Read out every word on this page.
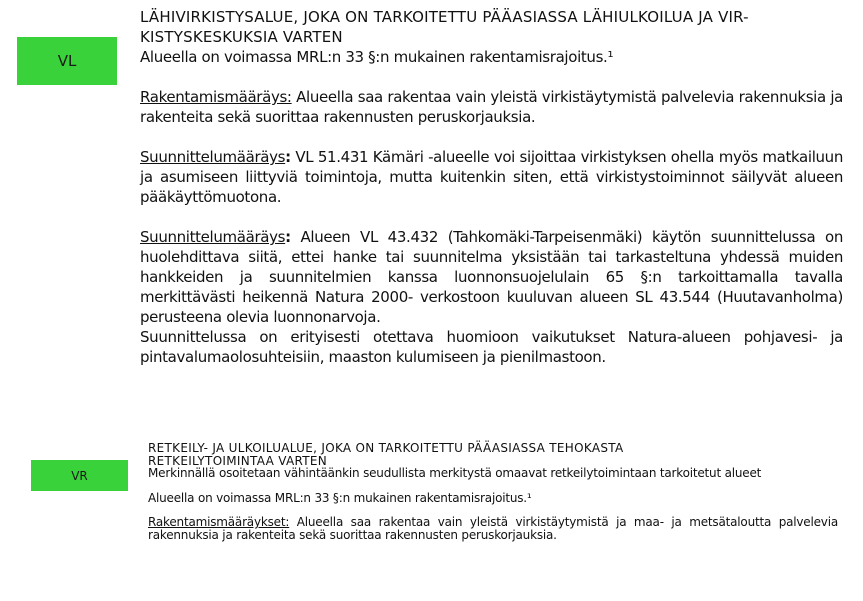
VL

LÄHIVIRKISTYSALUE, JOKA ON TARKOITETTU PÄÄASIASSA LÄHIULKOILUA JA VIR-
KISTYSKESKUKSIA VARTEN

Alueella on voimassa MRL:n 33 §:n mukainen rakentamisrajoitus.¹

Rakentamismääräys: Alueella saa rakentaa vain yleistä virkistäytymistä palvelevia rakennuksia ja rakenteita sekä suorittaa rakennusten peruskorjauksia.

Suunnittelumääräys: VL 51.431 Kämäri -alueelle voi sijoittaa virkistyksen ohella myös matkailuun ja asumiseen liittyviä toimintoja, mutta kuitenkin siten, että virkistystoiminnot säilyvät alueen pääkäyttömuotona.

Suunnittelumääräys: Alueen VL 43.432 (Tahkomäki-Tarpeisenmäki) käytön suunnittelussa on huolehdittava siitä, ettei hanke tai suunnitelma yksistään tai tarkasteltuna yhdessä muiden hankkeiden ja suunnitelmien kanssa luonnonsuojelulain 65 §:n tarkoittamalla tavalla merkittävästi heikennä Natura 2000- verkostoon kuuluvan alueen SL 43.544 (Huutavanholma) perusteena olevia luonnonarvoja.

Suunnittelussa on erityisesti otettava huomioon vaikutukset Natura-alueen pohjavesi- ja pintavalumaolosuhteisiin, maaston kulumiseen ja pienilmastoon.

VR

RETKEILY- JA ULKOILUALUE, JOKA ON TARKOITETTU PÄÄASIASSA TEHOKASTA
RETKEILYTOIMINTAA VARTEN

Merkinnällä osoitetaan vähintäänkin seudullista merkitystä omaavat retkeilytoimintaan tarkoitetut alueet

Alueella on voimassa MRL:n 33 §:n mukainen rakentamisrajoitus.¹

Rakentamismääräykset: Alueella saa rakentaa vain yleistä virkistäytymistä ja maa- ja metsätaloutta palvelevia rakennuksia ja rakenteita sekä suorittaa rakennusten peruskorjauksia.
